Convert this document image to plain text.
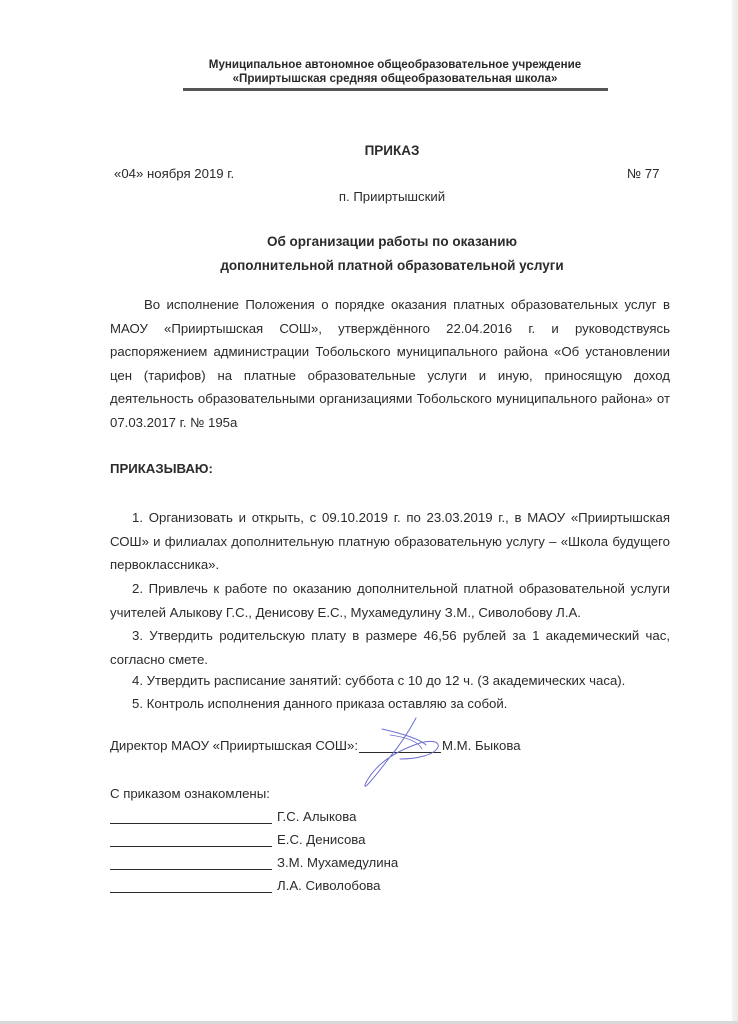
Муниципальное автономное общеобразовательное учреждение
«Прииртышская средняя общеобразовательная школа»
ПРИКАЗ
«04» ноября 2019 г.	№ 77
п. Прииртышский
Об организации работы по оказанию
дополнительной платной образовательной услуги

Во исполнение Положения о порядке оказания платных образовательных услуг в МАОУ «Прииртышская СОШ», утверждённого 22.04.2016 г. и руководствуясь распоряжением администрации Тобольского муниципального района «Об установлении цен (тарифов) на платные образовательные услуги и иную, приносящую доход деятельность образовательными организациями Тобольского муниципального района» от 07.03.2017 г. № 195а

ПРИКАЗЫВАЮ:

1. Организовать и открыть, с 09.10.2019 г. по 23.03.2019 г., в МАОУ «Прииртышская СОШ» и филиалах дополнительную платную образовательную услугу – «Школа будущего первоклассника».

2. Привлечь к работе по оказанию дополнительной платной образовательной услуги учителей Алыкову Г.С., Денисову Е.С., Мухамедулину З.М., Сиволобову Л.А.

3. Утвердить родительскую плату в размере 46,56 рублей за 1 академический час, согласно смете.

4. Утвердить расписание занятий: суббота с 10 до 12 ч. (3 академических часа).

5. Контроль исполнения данного приказа оставляю за собой.

Директор МАОУ «Прииртышская СОШ»:	М.М. Быкова
С приказом ознакомлены:
Г.С. Алыкова
Е.С. Денисова
З.М. Мухамедулина
Л.А. Сиволобова
